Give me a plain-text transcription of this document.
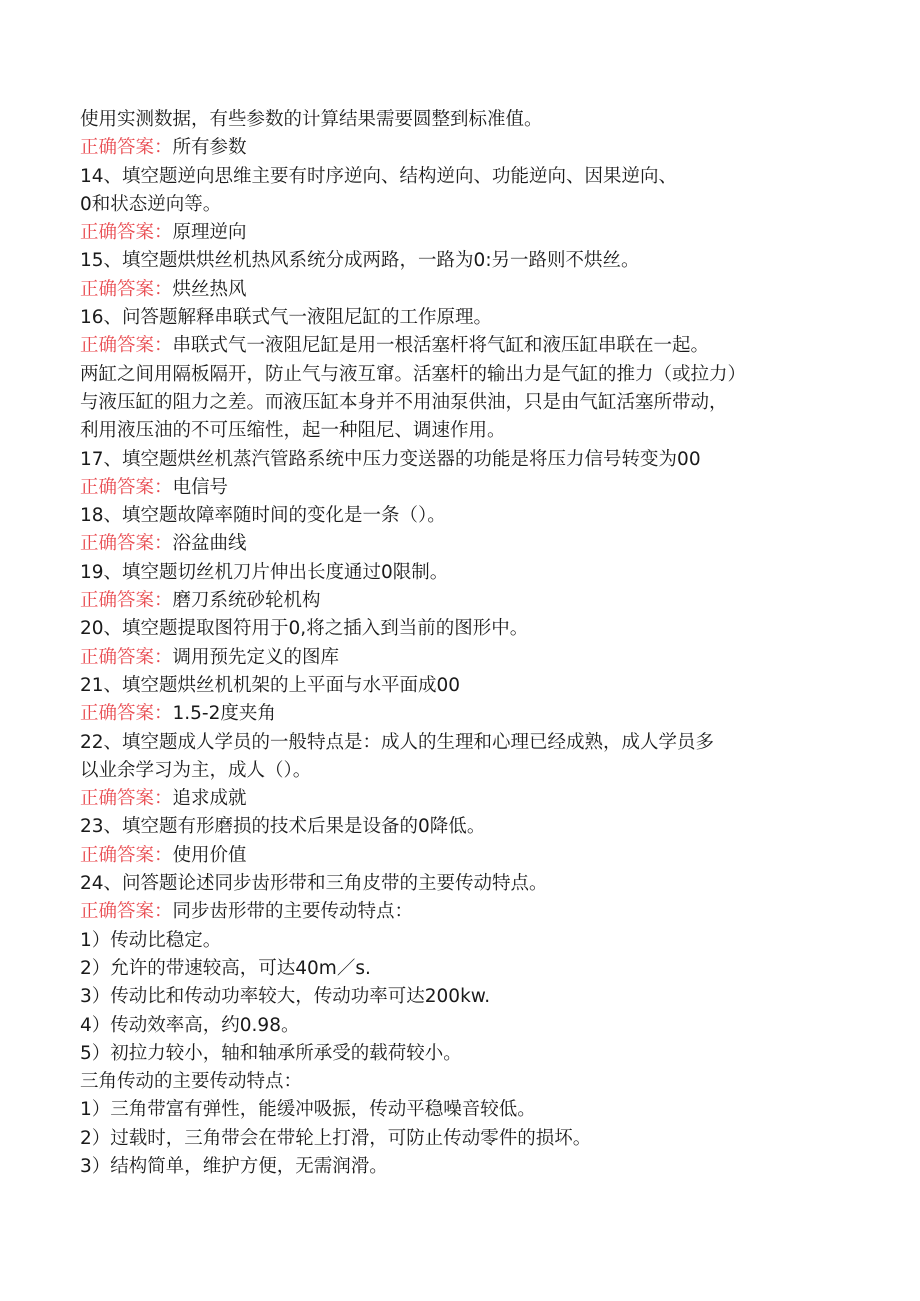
使用实测数据，有些参数的计算结果需要圆整到标准值。
正确答案：所有参数
14、填空题逆向思维主要有时序逆向、结构逆向、功能逆向、因果逆向、
0和状态逆向等。
正确答案：原理逆向
15、填空题烘烘丝机热风系统分成两路，一路为0:另一路则不烘丝。
正确答案：烘丝热风
16、问答题解释串联式气一液阻尼缸的工作原理。
正确答案：串联式气一液阻尼缸是用一根活塞杆将气缸和液压缸串联在一起。
两缸之间用隔板隔开，防止气与液互窜。活塞杆的输出力是气缸的推力（或拉力）
与液压缸的阻力之差。而液压缸本身并不用油泵供油，只是由气缸活塞所带动，
利用液压油的不可压缩性，起一种阻尼、调速作用。
17、填空题烘丝机蒸汽管路系统中压力变送器的功能是将压力信号转变为00
正确答案：电信号
18、填空题故障率随时间的变化是一条（）。
正确答案：浴盆曲线
19、填空题切丝机刀片伸出长度通过0限制。
正确答案：磨刀系统砂轮机构
20、填空题提取图符用于0,将之插入到当前的图形中。
正确答案：调用预先定义的图库
21、填空题烘丝机机架的上平面与水平面成00
正确答案：1.5-2度夹角
22、填空题成人学员的一般特点是：成人的生理和心理已经成熟，成人学员多
以业余学习为主，成人（）。
正确答案：追求成就
23、填空题有形磨损的技术后果是设备的0降低。
正确答案：使用价值
24、问答题论述同步齿形带和三角皮带的主要传动特点。
正确答案：同步齿形带的主要传动特点：
1）传动比稳定。
2）允许的带速较高，可达40m／s.
3）传动比和传动功率较大，传动功率可达200kw.
4）传动效率高，约0.98。
5）初拉力较小，轴和轴承所承受的载荷较小。
三角传动的主要传动特点：
1）三角带富有弹性，能缓冲吸振，传动平稳噪音较低。
2）过载时，三角带会在带轮上打滑，可防止传动零件的损坏。
3）结构简单，维护方便，无需润滑。
